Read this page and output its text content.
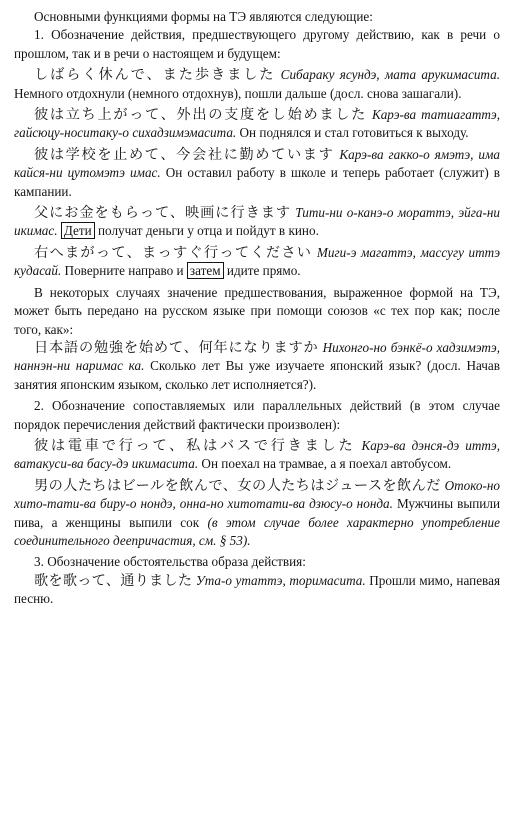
Основными функциями формы на ТЭ являются следующие:

1. Обозначение действия, предшествующего другому действию, как в речи о прошлом, так и в речи о настоящем и будущем:

しばらく休んで、また歩きました Сибараку ясундэ, мата арукимасита. Немного отдохнули (немного отдохнув), пошли дальше (досл. снова зашагали).

彼は立ち上がって、外出の支度をし始めました Карэ-ва татиагаттэ, гайсюцу-носитаку-о сихадзимэмасита. Он поднялся и стал готовиться к выходу.

彼は学校を止めて、今会社に勤めています Карэ-ва гакко-о ямэтэ, има кайся-ни цутомэтэ имас. Он оставил работу в школе и теперь работает (служит) в кампании.

父にお金をもらって、映画に行きます Тити-ни о-канэ-о мораттэ, эйга-ни икимас. Дети получат деньги у отца и пойдут в кино.

右へまがって、まっすぐ行ってください Миги-э магаттэ, массугу иттэ кудасай. Поверните направо и затем идите прямо.

В некоторых случаях значение предшествования, выраженное формой на ТЭ, может быть передано на русском языке при помощи союзов «с тех пор как; после того, как»:

日本語の勉強を始めて、何年になりますか Нихонго-но бэнкё-о хадзимэтэ, наннэн-ни наримас ка. Сколько лет Вы уже изучаете японский язык? (досл. Начав занятия японским языком, сколько лет исполняется?).

2. Обозначение сопоставляемых или параллельных действий (в этом случае порядок перечисления действий фактически произволен):

彼は電車で行って、私はバスで行きました Карэ-ва дэнся-дэ иттэ, ватакуси-ва басу-дэ икимасита. Он поехал на трамвае, а я поехал автобусом.

男の人たちはビールを飲んで、女の人たちはジュースを飲んだ Отоко-но хито-тати-ва биру-о нондэ, онна-но хитотати-ва дзюсу-о нонда. Мужчины выпили пива, а женщины выпили сок (в этом случае более характерно употребление соединительного деепричастия, см. § 53).

3. Обозначение обстоятельства образа действия:

歌を歌って、通りました Ута-о утаттэ, торимасита. Прошли мимо, напевая песню.
